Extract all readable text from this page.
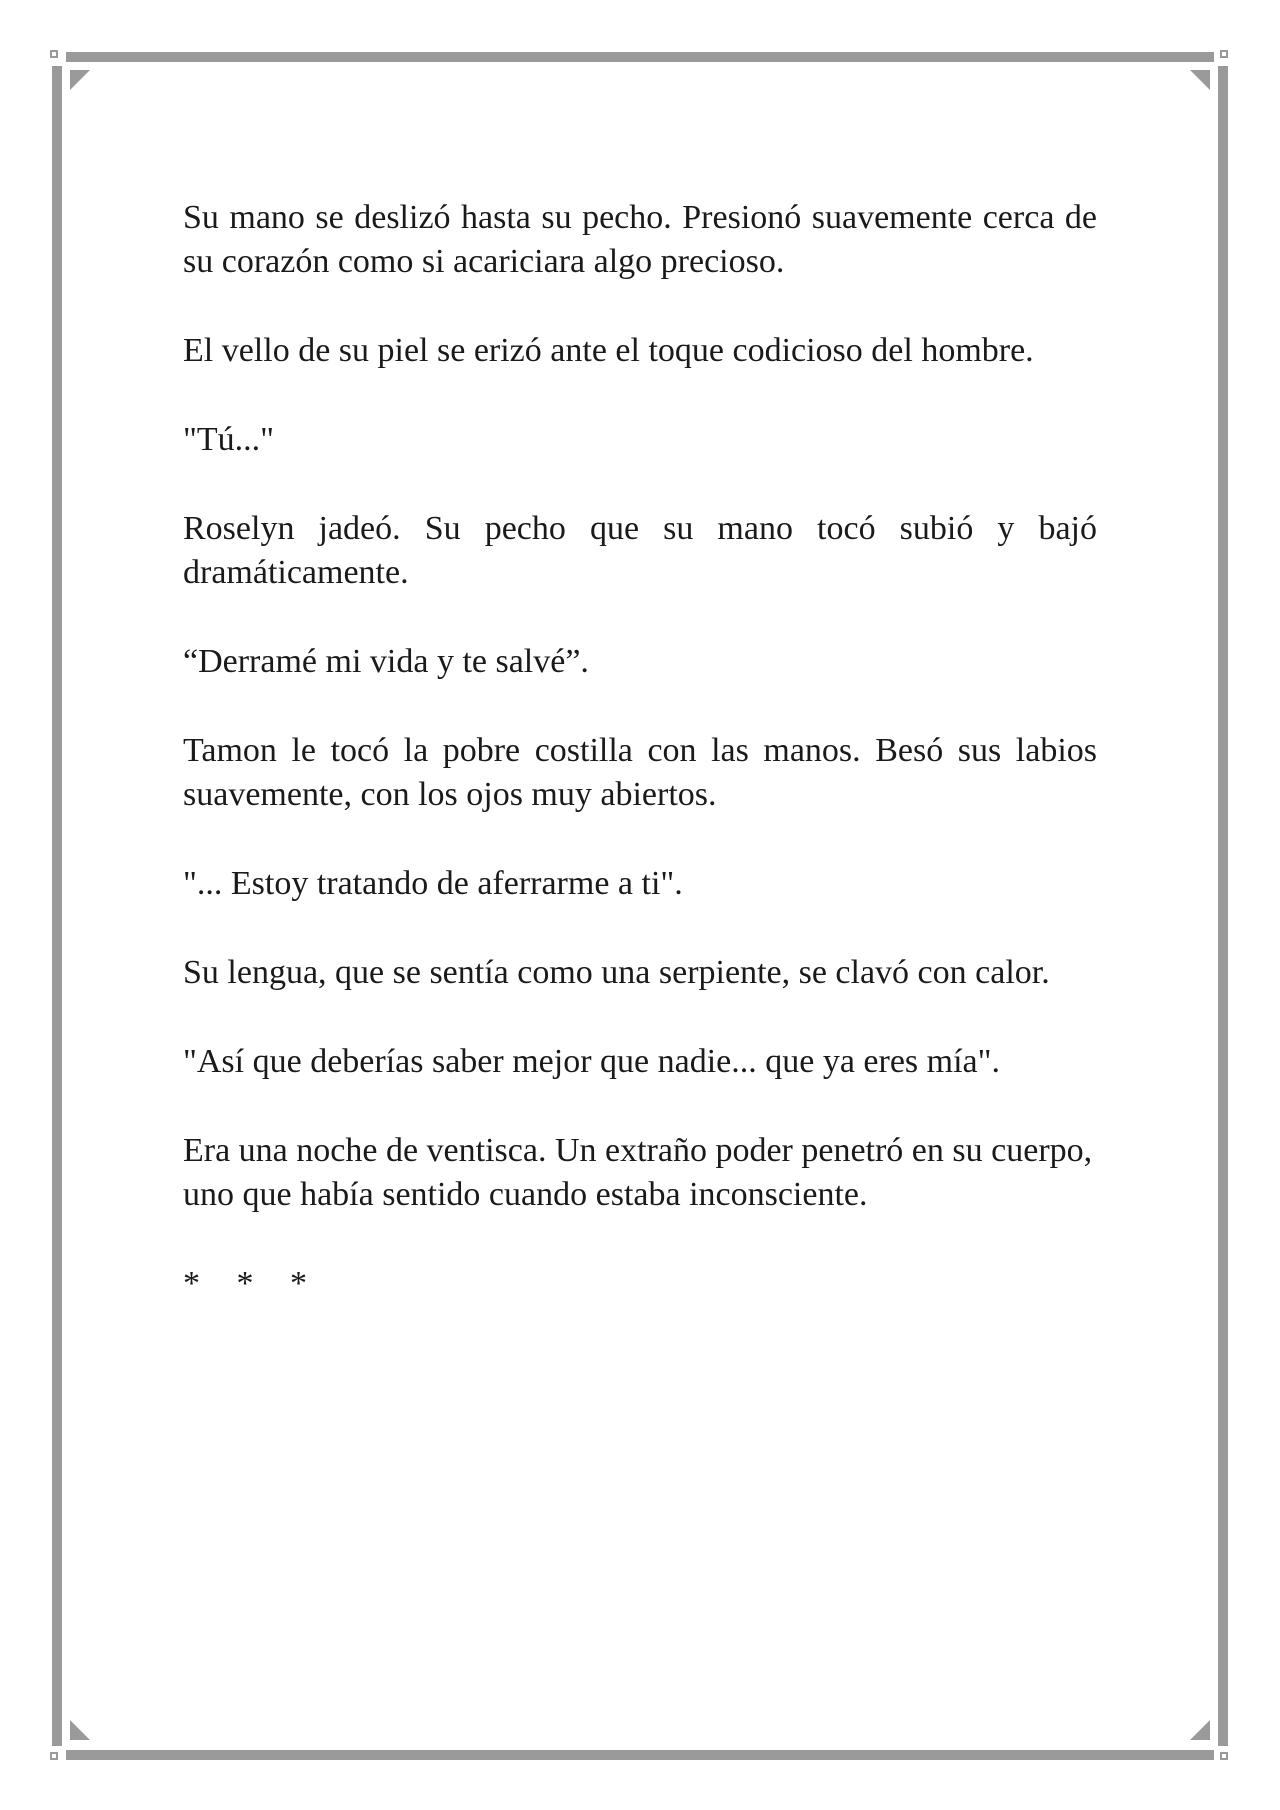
Su mano se deslizó hasta su pecho. Presionó suavemente cerca de su corazón como si acariciara algo precioso.

El vello de su piel se erizó ante el toque codicioso del hombre.

"Tú..."

Roselyn jadeó. Su pecho que su mano tocó subió y bajó dramáticamente.

“Derramé mi vida y te salvé”.

Tamon le tocó la pobre costilla con las manos. Besó sus labios suavemente, con los ojos muy abiertos.

"... Estoy tratando de aferrarme a ti".

Su lengua, que se sentía como una serpiente, se clavó con calor.

"Así que deberías saber mejor que nadie... que ya eres mía".

Era una noche de ventisca. Un extraño poder penetró en su cuerpo, uno que había sentido cuando estaba inconsciente.

* * *
